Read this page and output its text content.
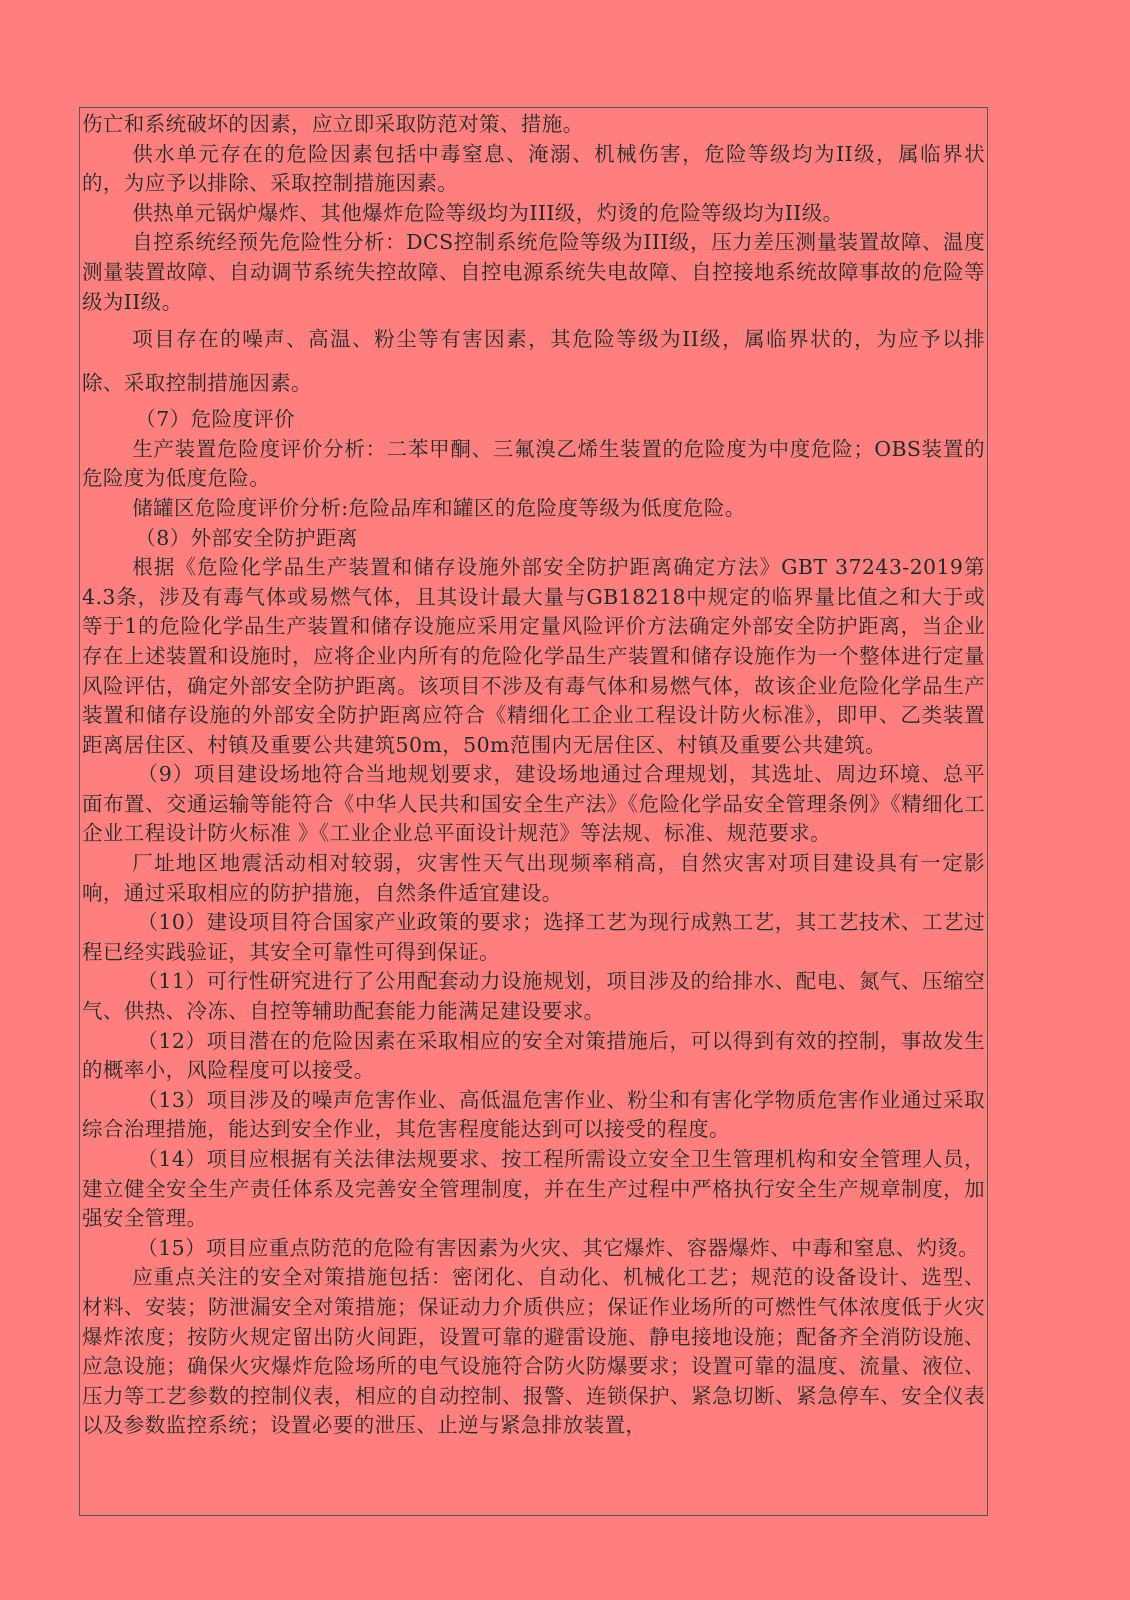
伤亡和系统破坏的因素，应立即采取防范对策、措施。

供水单元存在的危险因素包括中毒窒息、淹溺、机械伤害，危险等级均为II级，属临界状的，为应予以排除、采取控制措施因素。

供热单元锅炉爆炸、其他爆炸危险等级均为III级，灼烫的危险等级均为II级。

自控系统经预先危险性分析：DCS控制系统危险等级为III级，压力差压测量装置故障、温度测量装置故障、自动调节系统失控故障、自控电源系统失电故障、自控接地系统故障事故的危险等级为II级。

项目存在的噪声、高温、粉尘等有害因素，其危险等级为II级，属临界状的，为应予以排除、采取控制措施因素。

（7）危险度评价

生产装置危险度评价分析：二苯甲酮、三氟溴乙烯生装置的危险度为中度危险；OBS装置的危险度为低度危险。

储罐区危险度评价分析:危险品库和罐区的危险度等级为低度危险。

（8）外部安全防护距离

根据《危险化学品生产装置和储存设施外部安全防护距离确定方法》GBT 37243-2019第4.3条，涉及有毒气体或易燃气体，且其设计最大量与GB18218中规定的临界量比值之和大于或等于1的危险化学品生产装置和储存设施应采用定量风险评价方法确定外部安全防护距离，当企业存在上述装置和设施时，应将企业内所有的危险化学品生产装置和储存设施作为一个整体进行定量风险评估，确定外部安全防护距离。该项目不涉及有毒气体和易燃气体，故该企业危险化学品生产装置和储存设施的外部安全防护距离应符合《精细化工企业工程设计防火标准》，即甲、乙类装置距离居住区、村镇及重要公共建筑50m，50m范围内无居住区、村镇及重要公共建筑。

（9）项目建设场地符合当地规划要求，建设场地通过合理规划，其选址、周边环境、总平面布置、交通运输等能符合《中华人民共和国安全生产法》《危险化学品安全管理条例》《精细化工企业工程设计防火标准 》《工业企业总平面设计规范》等法规、标准、规范要求。

厂址地区地震活动相对较弱，灾害性天气出现频率稍高，自然灾害对项目建设具有一定影响，通过采取相应的防护措施，自然条件适宜建设。

（10）建设项目符合国家产业政策的要求；选择工艺为现行成熟工艺，其工艺技术、工艺过程已经实践验证，其安全可靠性可得到保证。

（11）可行性研究进行了公用配套动力设施规划，项目涉及的给排水、配电、氮气、压缩空气、供热、冷冻、自控等辅助配套能力能满足建设要求。

（12）项目潜在的危险因素在采取相应的安全对策措施后，可以得到有效的控制，事故发生的概率小，风险程度可以接受。

（13）项目涉及的噪声危害作业、高低温危害作业、粉尘和有害化学物质危害作业通过采取综合治理措施，能达到安全作业，其危害程度能达到可以接受的程度。

（14）项目应根据有关法律法规要求、按工程所需设立安全卫生管理机构和安全管理人员，建立健全安全生产责任体系及完善安全管理制度，并在生产过程中严格执行安全生产规章制度，加强安全管理。

（15）项目应重点防范的危险有害因素为火灾、其它爆炸、容器爆炸、中毒和窒息、灼烫。

应重点关注的安全对策措施包括：密闭化、自动化、机械化工艺；规范的设备设计、选型、材料、安装；防泄漏安全对策措施；保证动力介质供应；保证作业场所的可燃性气体浓度低于火灾爆炸浓度；按防火规定留出防火间距，设置可靠的避雷设施、静电接地设施；配备齐全消防设施、应急设施；确保火灾爆炸危险场所的电气设施符合防火防爆要求；设置可靠的温度、流量、液位、压力等工艺参数的控制仪表，相应的自动控制、报警、连锁保护、紧急切断、紧急停车、安全仪表以及参数监控系统；设置必要的泄压、止逆与紧急排放装置，
